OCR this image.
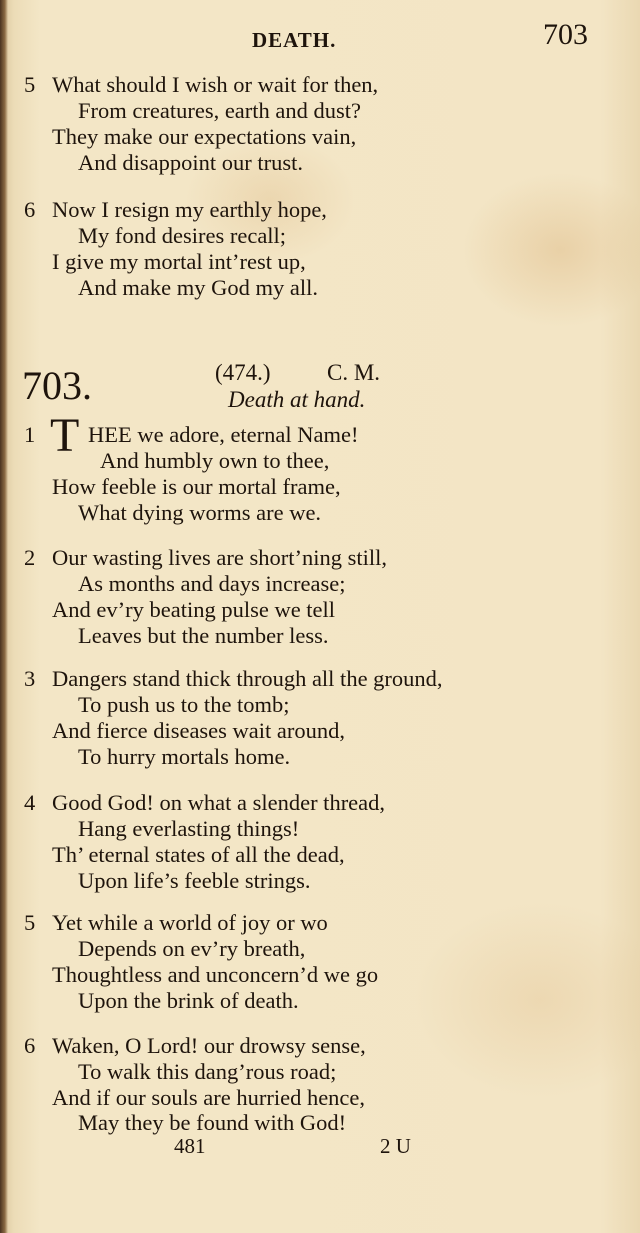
DEATH.	703
5 What should I wish or wait for then,
From creatures, earth and dust?
They make our expectations vain,
And disappoint our trust.
6 Now I resign my earthly hope,
My fond desires recall;
I give my mortal int’rest up,
And make my God my all.
703.	(474.) C. M.
Death at hand.
1 T HEE we adore, eternal Name!
And humbly own to thee,
How feeble is our mortal frame,
What dying worms are we.
2 Our wasting lives are short’ning still,
As months and days increase;
And ev’ry beating pulse we tell
Leaves but the number less.
3 Dangers stand thick through all the ground,
To push us to the tomb;
And fierce diseases wait around,
To hurry mortals home.
4 Good God! on what a slender thread,
Hang everlasting things!
Th’ eternal states of all the dead,
Upon life’s feeble strings.
5 Yet while a world of joy or wo
Depends on ev’ry breath,
Thoughtless and unconcern’d we go
Upon the brink of death.
6 Waken, O Lord! our drowsy sense,
To walk this dang’rous road;
And if our souls are hurried hence,
May they be found with God!
481	2 U
